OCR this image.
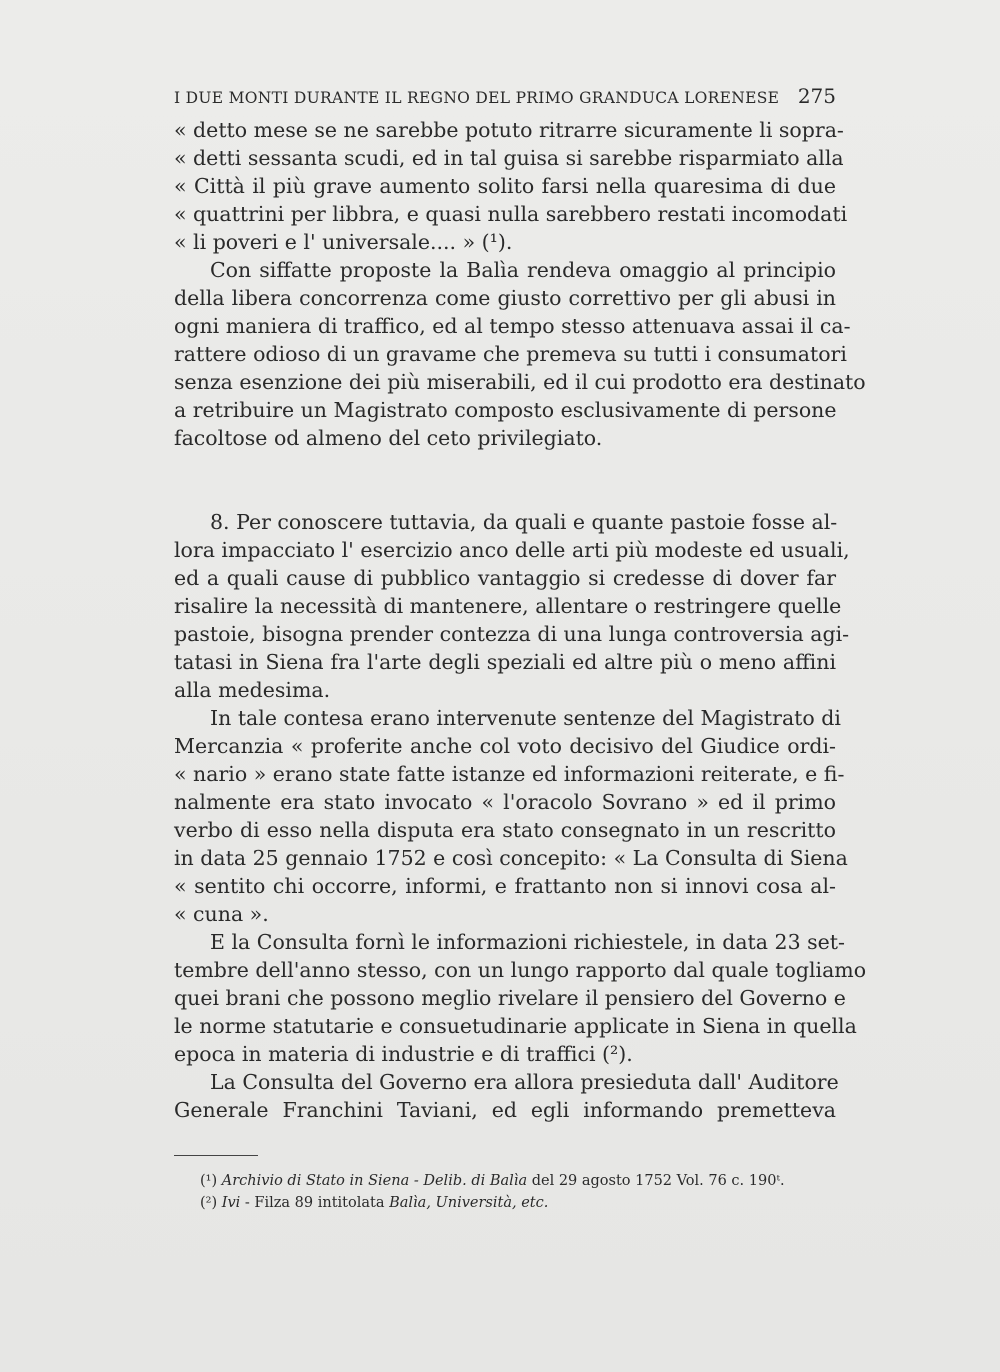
I DUE MONTI DURANTE IL REGNO DEL PRIMO GRANDUCA LORENESE 275
« detto mese se ne sarebbe potuto ritrarre sicuramente li sopra-
« detti sessanta scudi, ed in tal guisa si sarebbe risparmiato alla
« Città il più grave aumento solito farsi nella quaresima di due
« quattrini per libbra, e quasi nulla sarebbero restati incomodati
« li poveri e l' universale.... » (¹).
Con siffatte proposte la Balìa rendeva omaggio al principio
della libera concorrenza come giusto correttivo per gli abusi in
ogni maniera di traffico, ed al tempo stesso attenuava assai il ca-
rattere odioso di un gravame che premeva su tutti i consumatori
senza esenzione dei più miserabili, ed il cui prodotto era destinato
a retribuire un Magistrato composto esclusivamente di persone
facoltose od almeno del ceto privilegiato.
8. Per conoscere tuttavia, da quali e quante pastoie fosse al-
lora impacciato l' esercizio anco delle arti più modeste ed usuali,
ed a quali cause di pubblico vantaggio si credesse di dover far
risalire la necessità di mantenere, allentare o restringere quelle
pastoie, bisogna prender contezza di una lunga controversia agi-
tatasi in Siena fra l'arte degli speziali ed altre più o meno affini
alla medesima.
In tale contesa erano intervenute sentenze del Magistrato di
Mercanzia « proferite anche col voto decisivo del Giudice ordi-
« nario » erano state fatte istanze ed informazioni reiterate, e fi-
nalmente era stato invocato « l'oracolo Sovrano » ed il primo
verbo di esso nella disputa era stato consegnato in un rescritto
in data 25 gennaio 1752 e così concepito: « La Consulta di Siena
« sentito chi occorre, informi, e frattanto non si innovi cosa al-
« cuna ».
E la Consulta fornì le informazioni richiestele, in data 23 set-
tembre dell'anno stesso, con un lungo rapporto dal quale togliamo
quei brani che possono meglio rivelare il pensiero del Governo e
le norme statutarie e consuetudinarie applicate in Siena in quella
epoca in materia di industrie e di traffici (²).
La Consulta del Governo era allora presieduta dall' Auditore
Generale Franchini Taviani, ed egli informando premetteva
(¹) Archivio di Stato in Siena - Delib. di Balìa del 29 agosto 1752 Vol. 76 c. 190ᵗ.
(²) Ivi - Filza 89 intitolata Balìa, Università, etc.
